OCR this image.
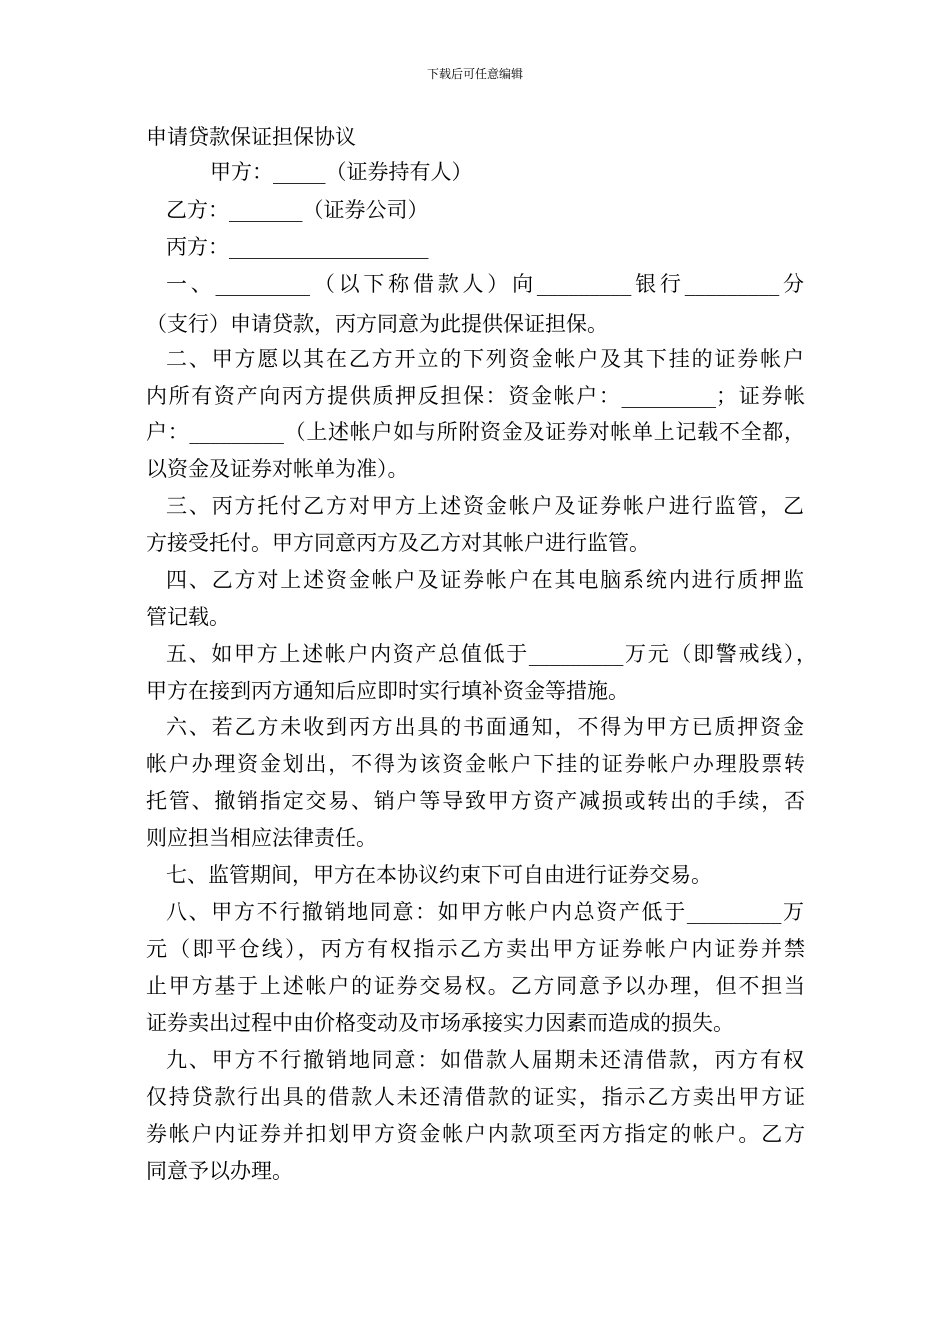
下载后可任意编辑
申请贷款保证担保协议
甲方：_____（证券持有人）
乙方：_______（证券公司）
丙方：___________________
一、_________（以下称借款人）向_________银行_________分
（支行）申请贷款，丙方同意为此提供保证担保。
二、甲方愿以其在乙方开立的下列资金帐户及其下挂的证券帐户
内所有资产向丙方提供质押反担保：资金帐户：_________；证券帐
户：_________（上述帐户如与所附资金及证券对帐单上记载不全都，
以资金及证券对帐单为准）。
三、丙方托付乙方对甲方上述资金帐户及证券帐户进行监管，乙
方接受托付。甲方同意丙方及乙方对其帐户进行监管。
四、乙方对上述资金帐户及证券帐户在其电脑系统内进行质押监
管记载。
五、如甲方上述帐户内资产总值低于_________万元（即警戒线），
甲方在接到丙方通知后应即时实行填补资金等措施。
六、若乙方未收到丙方出具的书面通知，不得为甲方已质押资金
帐户办理资金划出，不得为该资金帐户下挂的证券帐户办理股票转
托管、撤销指定交易、销户等导致甲方资产减损或转出的手续，否
则应担当相应法律责任。
七、监管期间，甲方在本协议约束下可自由进行证券交易。
八、甲方不行撤销地同意：如甲方帐户内总资产低于_________万
元（即平仓线），丙方有权指示乙方卖出甲方证券帐户内证券并禁
止甲方基于上述帐户的证券交易权。乙方同意予以办理，但不担当
证券卖出过程中由价格变动及市场承接实力因素而造成的损失。
九、甲方不行撤销地同意：如借款人届期未还清借款，丙方有权
仅持贷款行出具的借款人未还清借款的证实，指示乙方卖出甲方证
券帐户内证券并扣划甲方资金帐户内款项至丙方指定的帐户。乙方
同意予以办理。
